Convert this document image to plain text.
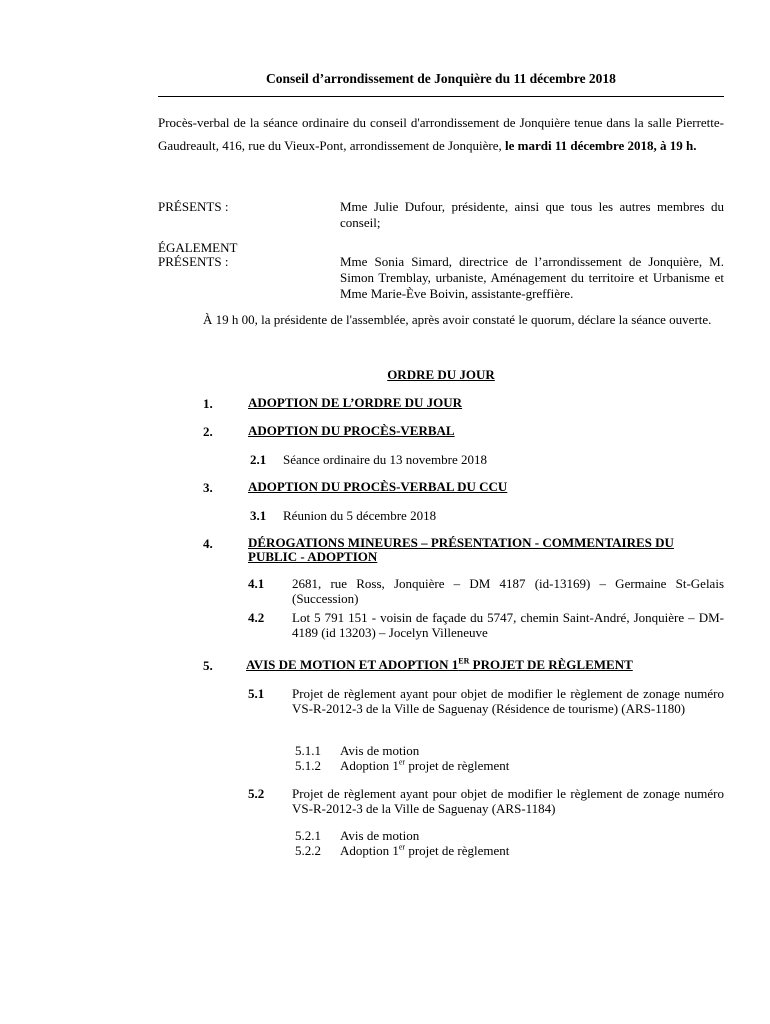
Conseil d’arrondissement de Jonquière du 11 décembre 2018
Procès-verbal de la séance ordinaire du conseil d'arrondissement de Jonquière tenue dans la salle Pierrette-Gaudreault, 416, rue du Vieux-Pont, arrondissement de Jonquière, le mardi 11 décembre 2018, à 19 h.
PRÉSENTS :	Mme Julie Dufour, présidente, ainsi que tous les autres membres du conseil;
ÉGALEMENT
PRÉSENTS :	Mme Sonia Simard, directrice de l’arrondissement de Jonquière, M. Simon Tremblay, urbaniste, Aménagement du territoire et Urbanisme et Mme Marie-Ève Boivin, assistante-greffière.
À 19 h 00, la présidente de l'assemblée, après avoir constaté le quorum, déclare la séance ouverte.
ORDRE DU JOUR
1.	ADOPTION DE L’ORDRE DU JOUR
2.	ADOPTION DU PROCÈS-VERBAL
2.1 Séance ordinaire du 13 novembre 2018
3.	ADOPTION DU PROCÈS-VERBAL DU CCU
3.1 Réunion du 5 décembre 2018
4.	DÉROGATIONS MINEURES – PRÉSENTATION - COMMENTAIRES DU PUBLIC - ADOPTION
4.1 2681, rue Ross, Jonquière – DM 4187 (id-13169) – Germaine St-Gelais (Succession)
4.2 Lot 5 791 151 - voisin de façade du 5747, chemin Saint-André, Jonquière – DM-4189 (id 13203) – Jocelyn Villeneuve
5.	AVIS DE MOTION ET ADOPTION 1ER PROJET DE RÈGLEMENT
5.1 Projet de règlement ayant pour objet de modifier le règlement de zonage numéro VS-R-2012-3 de la Ville de Saguenay (Résidence de tourisme) (ARS-1180)
5.1.1 Avis de motion
5.1.2 Adoption 1er projet de règlement
5.2 Projet de règlement ayant pour objet de modifier le règlement de zonage numéro VS-R-2012-3 de la Ville de Saguenay (ARS-1184)
5.2.1 Avis de motion
5.2.2 Adoption 1er projet de règlement
